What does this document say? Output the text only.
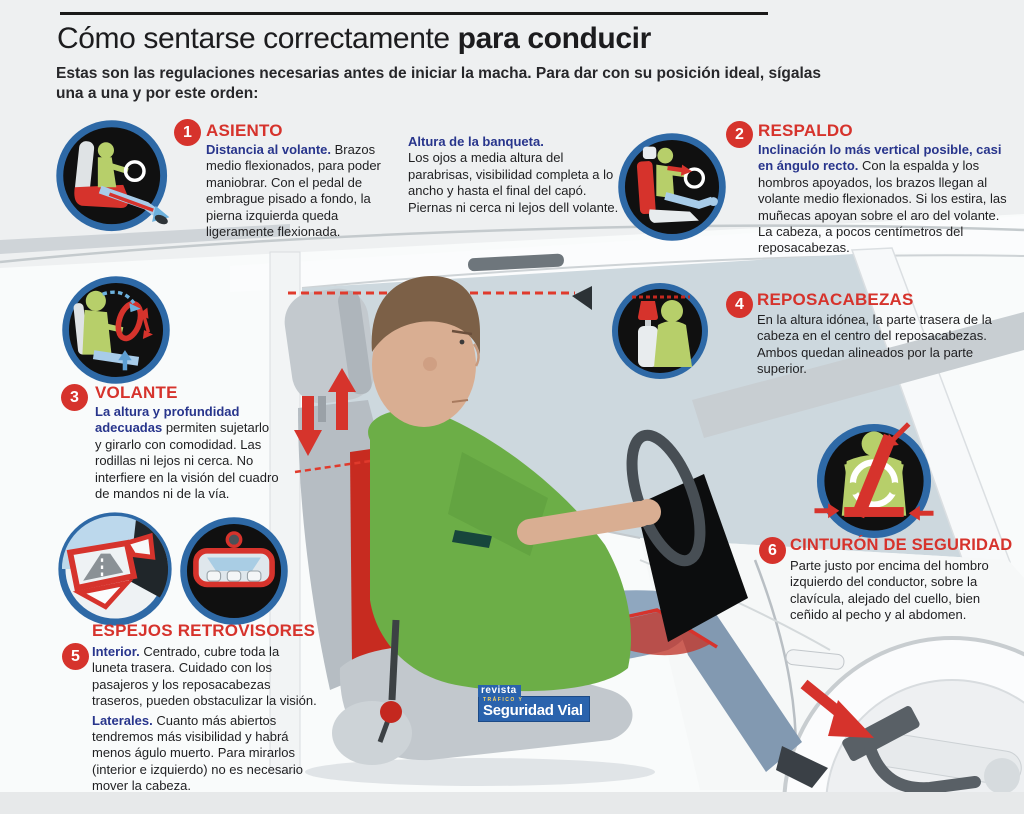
Cómo sentarse correctamente para conducir
Estas son las regulaciones necesarias antes de iniciar la macha. Para dar con su posición ideal, sígalas una a una y por este orden:
1 ASIENTO

Distancia al volante. Brazos medio flexionados, para poder maniobrar. Con el pedal de embrague pisado a fondo, la pierna izquierda queda ligeramente flexionada.

Altura de la banqueta.
Los ojos a media altura del parabrisas, visibilidad completa a lo ancho y hasta el final del capó. Piernas ni cerca ni lejos dell volante.

2 RESPALDO

Inclinación lo más vertical posible, casi en ángulo recto. Con la espalda y los hombros apoyados, los brazos llegan al volante medio flexionados. Si los estira, las muñecas apoyan sobre el aro del volante. La cabeza, a pocos centímetros del reposacabezas.

3 VOLANTE

La altura y profundidad adecuadas permiten sujetarlo y girarlo con comodidad. Las rodillas ni lejos ni cerca. No interfiere en la visión del cuadro de mandos ni de la vía.

4 REPOSACABEZAS

En la altura idónea, la parte trasera de la cabeza en el centro del reposacabezas. Ambos quedan alineados por la parte superior.

ESPEJOS RETROVISORES
5 Interior. Centrado, cubre toda la luneta trasera. Cuidado con los pasajeros y los reposacabezas traseros, pueden obstaculizar la visión.

Laterales. Cuanto más abiertos tendremos más visibilidad y habrá menos águlo muerto. Para mirarlos (interior e izquierdo) no es necesario mover la cabeza.

6 CINTURÓN DE SEGURIDAD

Parte justo por encima del hombro izquierdo del conductor, sobre la clavícula, alejado del cuello, bien ceñido al pecho y al abdomen.

revista
TRÁFICO Y
Seguridad Vial
